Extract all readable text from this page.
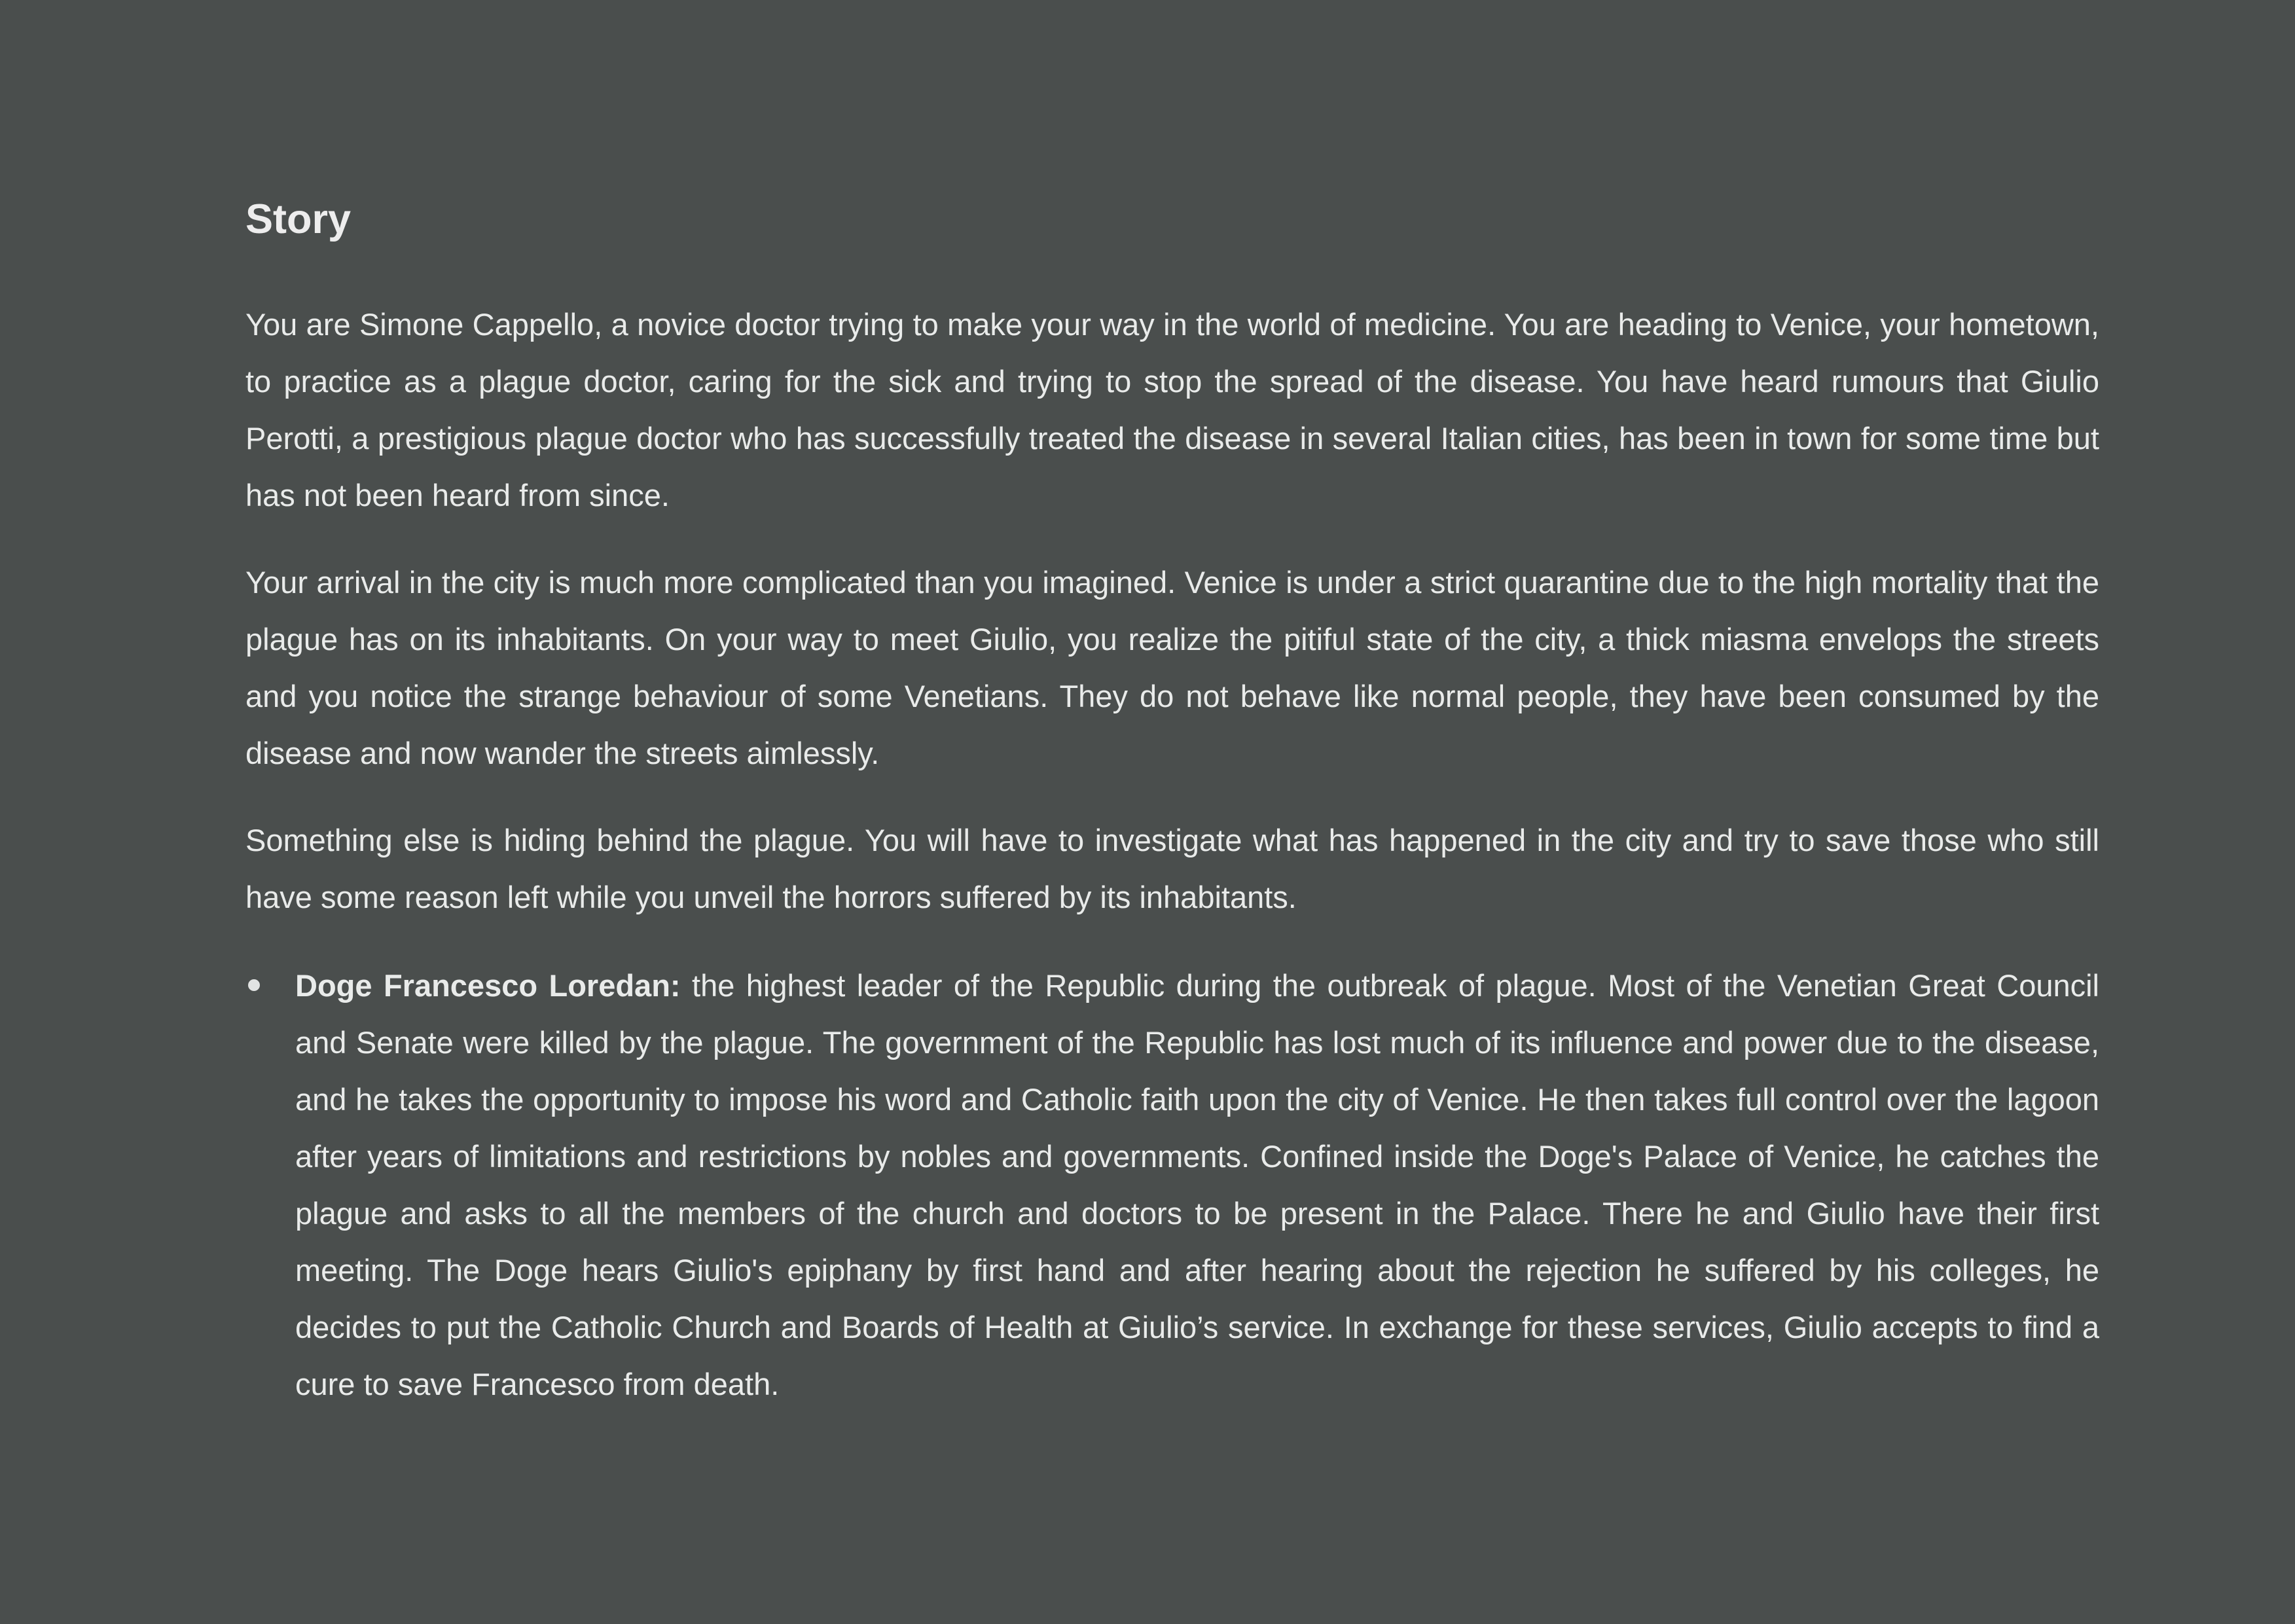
Story

You are Simone Cappello, a novice doctor trying to make your way in the world of medicine. You are heading to Venice, your hometown, to practice as a plague doctor, caring for the sick and trying to stop the spread of the disease. You have heard rumours that Giulio Perotti, a prestigious plague doctor who has successfully treated the disease in several Italian cities, has been in town for some time but has not been heard from since.

Your arrival in the city is much more complicated than you imagined. Venice is under a strict quarantine due to the high mortality that the plague has on its inhabitants. On your way to meet Giulio, you realize the pitiful state of the city, a thick miasma envelops the streets and you notice the strange behaviour of some Venetians. They do not behave like normal people, they have been consumed by the disease and now wander the streets aimlessly.

Something else is hiding behind the plague. You will have to investigate what has happened in the city and try to save those who still have some reason left while you unveil the horrors suffered by its inhabitants.

Doge Francesco Loredan: the highest leader of the Republic during the outbreak of plague. Most of the Venetian Great Council and Senate were killed by the plague. The government of the Republic has lost much of its influence and power due to the disease, and he takes the opportunity to impose his word and Catholic faith upon the city of Venice. He then takes full control over the lagoon after years of limitations and restrictions by nobles and governments. Confined inside the Doge's Palace of Venice, he catches the plague and asks to all the members of the church and doctors to be present in the Palace. There he and Giulio have their first meeting. The Doge hears Giulio's epiphany by first hand and after hearing about the rejection he suffered by his colleges, he decides to put the Catholic Church and Boards of Health at Giulio’s service. In exchange for these services, Giulio accepts to find a cure to save Francesco from death.
